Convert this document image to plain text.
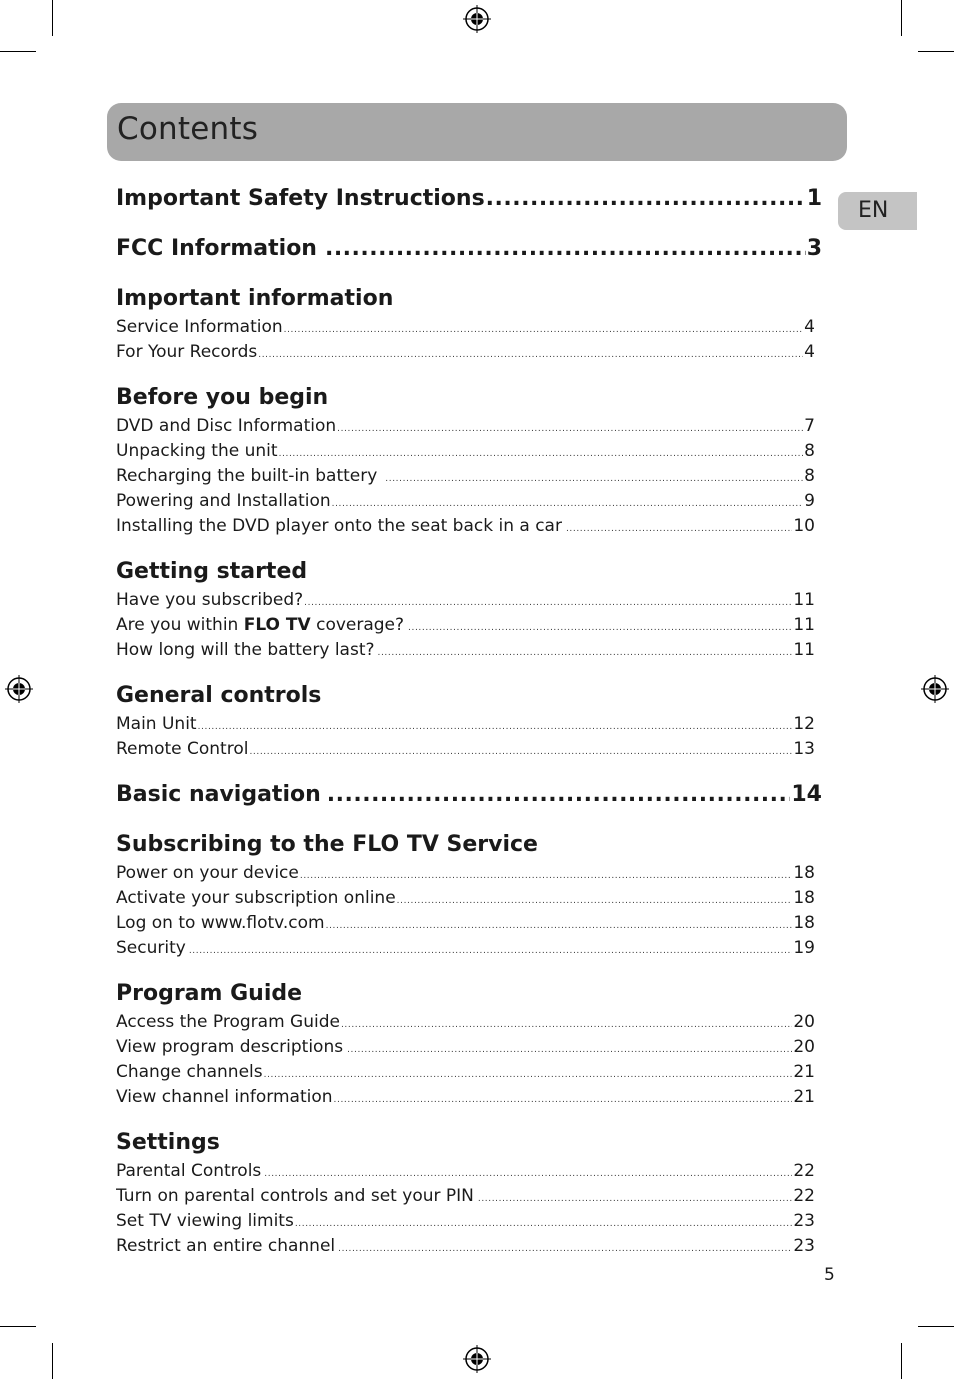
Contents
EN
Important Safety Instructions .....	1
FCC Information .....	3
Important information
Service Information .....	4
For Your Records .....	4
Before you begin
DVD and Disc Information .....	7
Unpacking the unit .....	8
Recharging the built-in battery .....	8
Powering and Installation .....	9
Installing the DVD player onto the seat back in a car .....	10
Getting started
Have you subscribed? .....	11
Are you within FLO TV coverage? .....	11
How long will the battery last? .....	11
General controls
Main Unit .....	12
Remote Control .....	13
Basic navigation .....	14
Subscribing to the FLO TV Service
Power on your device .....	18
Activate your subscription online .....	18
Log on to www.flotv.com .....	18
Security .....	19
Program Guide
Access the Program Guide .....	20
View program descriptions .....	20
Change channels .....	21
View channel information .....	21
Settings
Parental Controls .....	22
Turn on parental controls and set your PIN .....	22
Set TV viewing limits .....	23
Restrict an entire channel .....	23
5
